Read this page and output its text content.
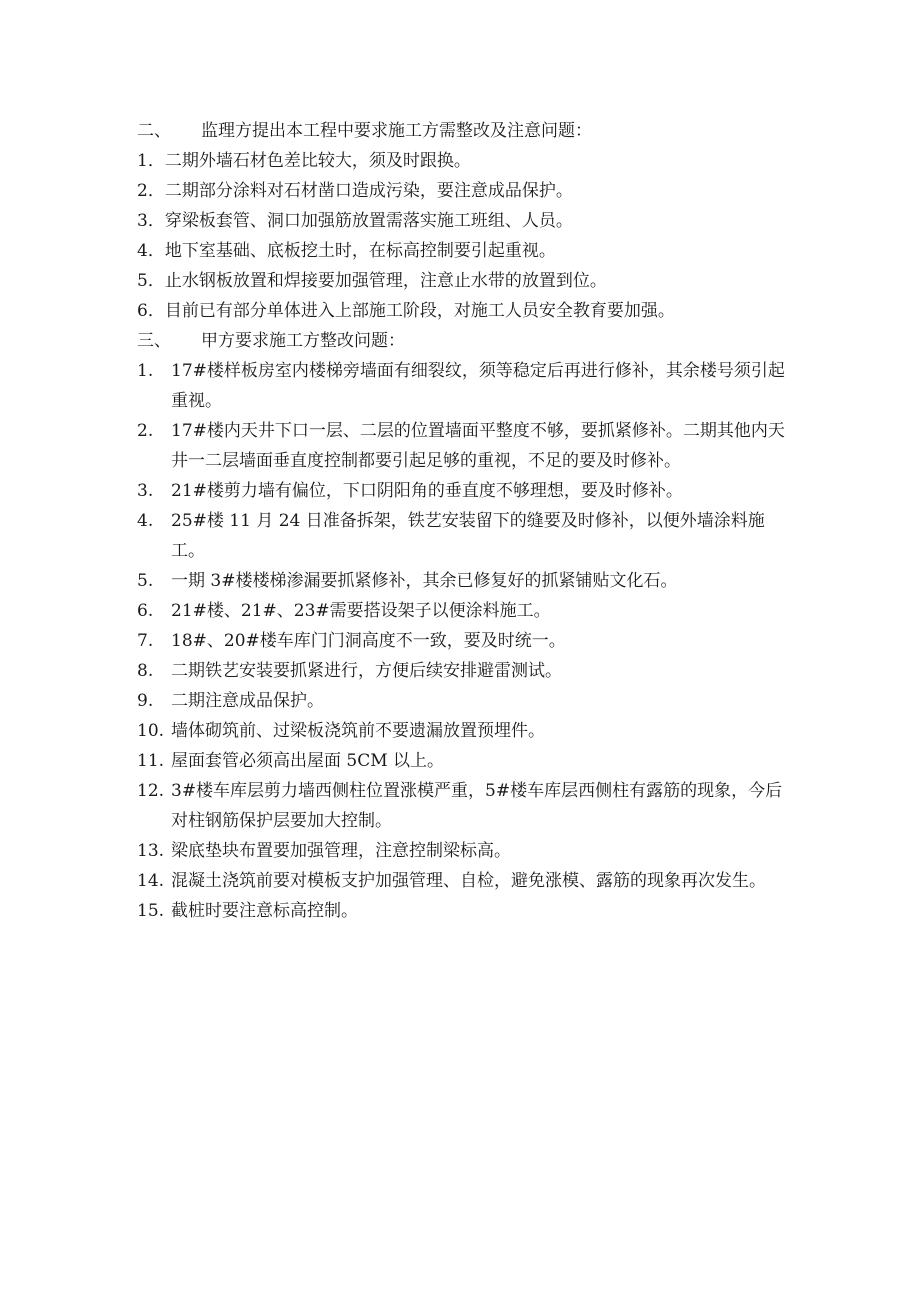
二、 监理方提出本工程中要求施工方需整改及注意问题：
1．二期外墙石材色差比较大，须及时跟换。
2．二期部分涂料对石材凿口造成污染，要注意成品保护。
3．穿梁板套管、洞口加强筋放置需落实施工班组、人员。
4．地下室基础、底板挖土时，在标高控制要引起重视。
5．止水钢板放置和焊接要加强管理，注意止水带的放置到位。
6．目前已有部分单体进入上部施工阶段，对施工人员安全教育要加强。
三、 甲方要求施工方整改问题：
1.	17#楼样板房室内楼梯旁墙面有细裂纹，须等稳定后再进行修补，其余楼号须引起重视。
2.	17#楼内天井下口一层、二层的位置墙面平整度不够，要抓紧修补。二期其他内天井一二层墙面垂直度控制都要引起足够的重视，不足的要及时修补。
3.	21#楼剪力墙有偏位，下口阴阳角的垂直度不够理想，要及时修补。
4.	25#楼 11 月 24 日准备拆架，铁艺安装留下的缝要及时修补，以便外墙涂料施工。
5.	一期 3#楼楼梯渗漏要抓紧修补，其余已修复好的抓紧铺贴文化石。
6.	21#楼、21#、23#需要搭设架子以便涂料施工。
7.	18#、20#楼车库门门洞高度不一致，要及时统一。
8.	二期铁艺安装要抓紧进行，方便后续安排避雷测试。
9.	二期注意成品保护。
10. 墙体砌筑前、过梁板浇筑前不要遗漏放置预埋件。
11. 屋面套管必须高出屋面 5CM 以上。
12. 3#楼车库层剪力墙西侧柱位置涨模严重，5#楼车库层西侧柱有露筋的现象，今后对柱钢筋保护层要加大控制。
13. 梁底垫块布置要加强管理，注意控制梁标高。
14. 混凝土浇筑前要对模板支护加强管理、自检，避免涨模、露筋的现象再次发生。
15. 截桩时要注意标高控制。
